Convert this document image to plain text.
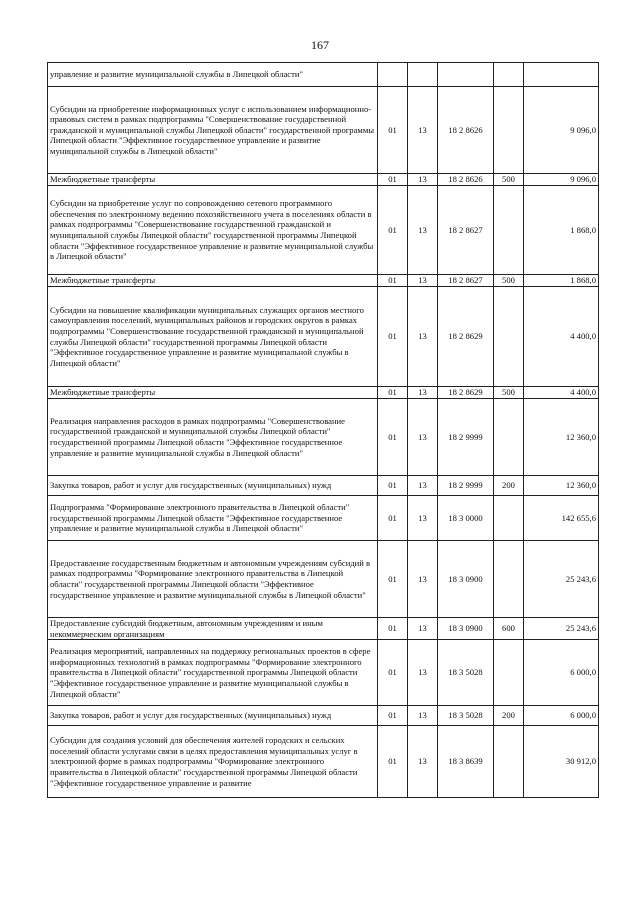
167
управление и развитие муниципальной службы в Липецкой области"					
Субсидии на приобретение информационных услуг с использованием информационно-правовых систем в рамках подпрограммы "Совершенствование государственной гражданской и муниципальной службы Липецкой области" государственной программы Липецкой области "Эффективное государственное управление и развитие муниципальной службы в Липецкой области"	01	13	18 2 8626		9 096,0
Межбюджетные трансферты	01	13	18 2 8626	500	9 096,0
Субсидии на приобретение услуг по сопровождению сетевого программного обеспечения по электронному ведению похозяйственного учета в поселениях области в рамках подпрограммы "Совершенствование государственной гражданской и муниципальной службы Липецкой области" государственной программы Липецкой области "Эффективное государственное управление и развитие муниципальной службы в Липецкой области"	01	13	18 2 8627		1 868,0
Межбюджетные трансферты	01	13	18 2 8627	500	1 868,0
Субсидии на повышение квалификации муниципальных служащих органов местного самоуправления поселений, муниципальных районов и городских округов в рамках подпрограммы "Совершенствование государственной гражданской и муниципальной службы Липецкой области" государственной программы Липецкой области "Эффективное государственное управление и развитие муниципальной службы в Липецкой области"	01	13	18 2 8629		4 400,0
Межбюджетные трансферты	01	13	18 2 8629	500	4 400,0
Реализация направления расходов в рамках подпрограммы "Совершенствование государственной гражданской и муниципальной службы Липецкой области" государственной программы Липецкой области "Эффективное государственное управление и развитие муниципальной службы в Липецкой области"	01	13	18 2 9999		12 360,0
Закупка товаров, работ и услуг для государственных (муниципальных) нужд	01	13	18 2 9999	200	12 360,0
Подпрограмма "Формирование электронного правительства в Липецкой области" государственной программы Липецкой области "Эффективное государственное управление и развитие муниципальной службы в Липецкой области"	01	13	18 3 0000		142 655,6
Предоставление государственным бюджетным и автономным учреждениям субсидий в рамках подпрограммы "Формирование электронного правительства в Липецкой области" государственной программы Липецкой области "Эффективное государственное управление и развитие муниципальной службы в Липецкой области"	01	13	18 3 0900		25 243,6
Предоставление субсидий бюджетным, автономным учреждениям и иным некоммерческим организациям	01	13	18 3 0900	600	25 243,6
Реализация мероприятий, направленных на поддержку региональных проектов в сфере информационных технологий в рамках подпрограммы "Формирование электронного правительства в Липецкой области" государственной программы Липецкой области "Эффективное государственное управление и развитие муниципальной службы в Липецкой области"	01	13	18 3 5028		6 000,0
Закупка товаров, работ и услуг для государственных (муниципальных) нужд	01	13	18 3 5028	200	6 000,0
Субсидии для создания условий для обеспечения жителей городских и сельских поселений области услугами связи в целях предоставления муниципальных услуг в электронной форме в рамках подпрограммы "Формирование электронного правительства в Липецкой области" государственной программы Липецкой области "Эффективное государственное управление и развитие	01	13	18 3 8639		30 912,0
